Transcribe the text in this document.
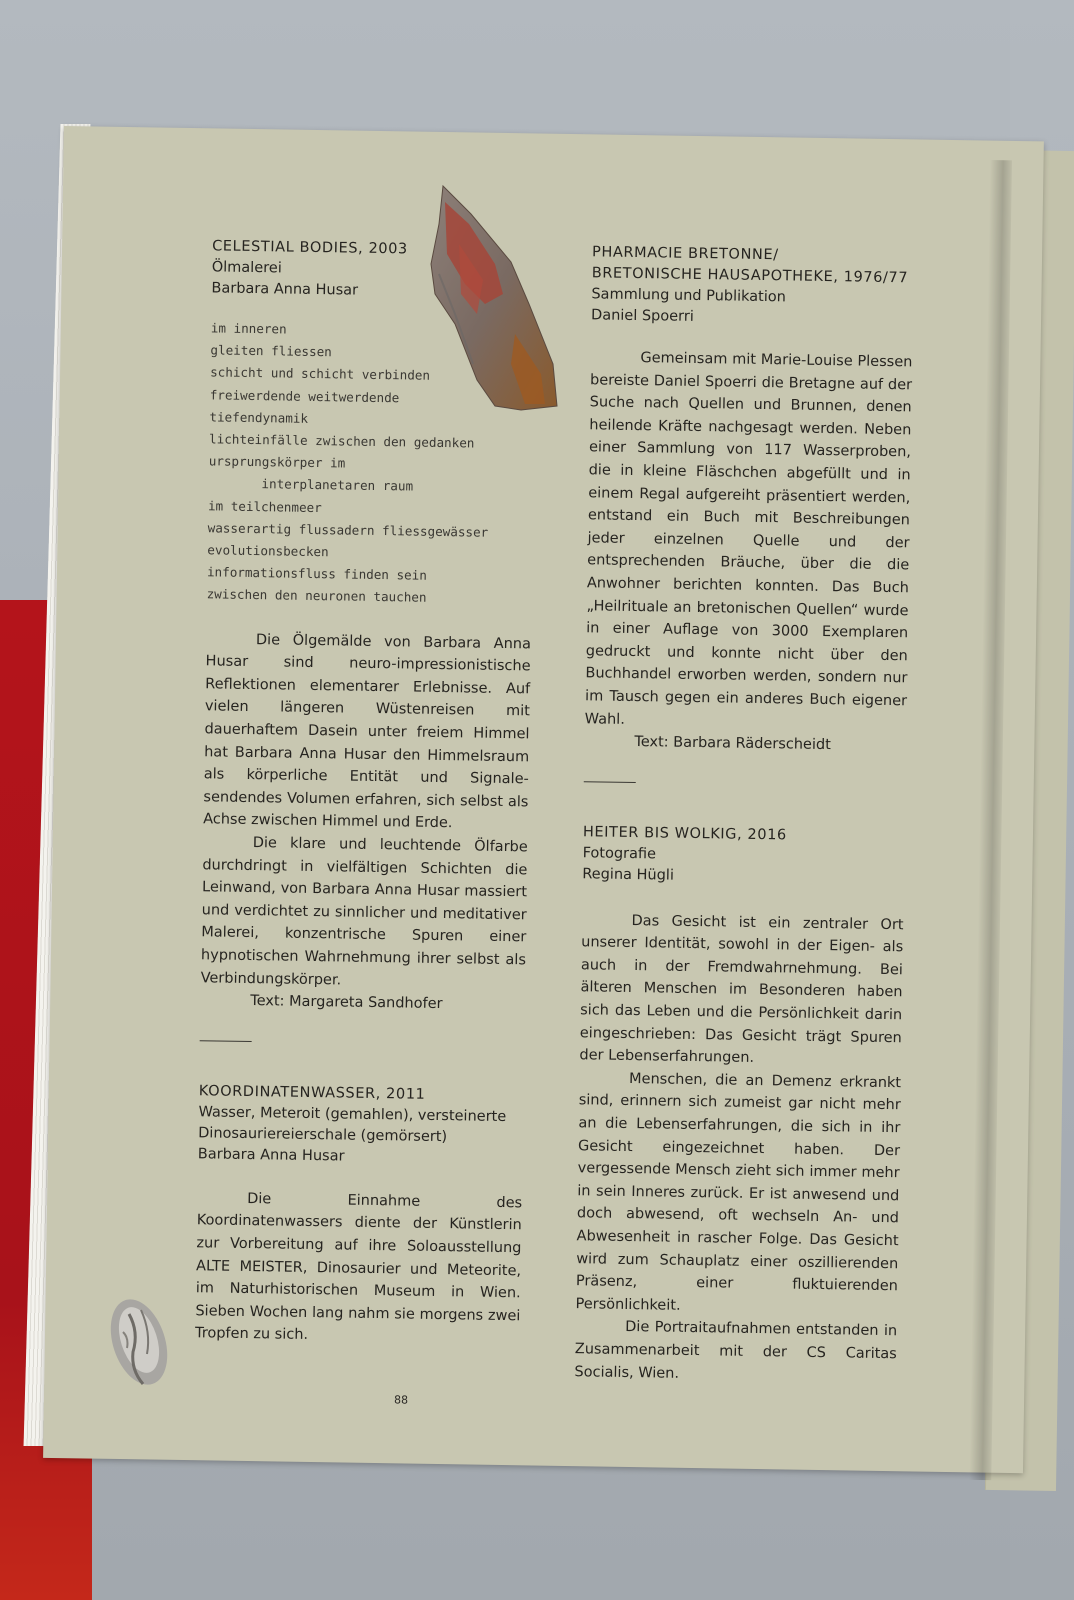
CELESTIAL BODIES, 2003
Ölmalerei
Barbara Anna Husar
im inneren
gleiten fliessen
schicht und schicht verbinden
freiwerdende weitwerdende
tiefendynamik
lichteinfälle zwischen den gedanken
ursprungskörper im
interplanetaren raum
im teilchenmeer
wasserartig flussadern fliessgewässer
evolutionsbecken
informationsfluss finden sein
zwischen den neuronen tauchen

Die Ölgemälde von Barbara Anna Husar sind neuro-impressionistische Reflektionen elementarer Erlebnisse. Auf vielen längeren Wüstenreisen mit dauerhaftem Dasein unter freiem Himmel hat Barbara Anna Husar den Himmelsraum als körperliche Entität und Signale-sendendes Volumen erfahren, sich selbst als Achse zwischen Himmel und Erde.

Die klare und leuchtende Ölfarbe durchdringt in vielfältigen Schichten die Leinwand, von Barbara Anna Husar massiert und verdichtet zu sinnlicher und meditativer Malerei, konzentrische Spuren einer hypnotischen Wahrnehmung ihrer selbst als Verbindungskörper.

Text: Margareta Sandhofer
KOORDINATENWASSER, 2011
Wasser, Meteroit (gemahlen), versteinerte
Dinosauriereierschale (gemörsert)
Barbara Anna Husar

Die Einnahme des Koordinatenwassers diente der Künstlerin zur Vorbereitung auf ihre Soloausstellung ALTE MEISTER, Dinosaurier und Meteorite, im Naturhistorischen Museum in Wien. Sieben Wochen lang nahm sie morgens zwei Tropfen zu sich.

PHARMACIE BRETONNE/
BRETONISCHE HAUSAPOTHEKE, 1976/77
Sammlung und Publikation
Daniel Spoerri

Gemeinsam mit Marie-Louise Plessen bereiste Daniel Spoerri die Bretagne auf der Suche nach Quellen und Brunnen, denen heilende Kräfte nachgesagt werden. Neben einer Sammlung von 117 Wasserproben, die in kleine Fläschchen abgefüllt und in einem Regal aufgereiht präsentiert werden, entstand ein Buch mit Beschreibungen jeder einzelnen Quelle und der entsprechenden Bräuche, über die die Anwohner berichten konnten. Das Buch „Heilrituale an bretonischen Quellen“ wurde in einer Auflage von 3000 Exemplaren gedruckt und konnte nicht über den Buchhandel erworben werden, sondern nur im Tausch gegen ein anderes Buch eigener Wahl.

Text: Barbara Räderscheidt
HEITER BIS WOLKIG, 2016
Fotografie
Regina Hügli

Das Gesicht ist ein zentraler Ort unserer Identität, sowohl in der Eigen- als auch in der Fremdwahrnehmung. Bei älteren Menschen im Besonderen haben sich das Leben und die Persönlichkeit darin eingeschrieben: Das Gesicht trägt Spuren der Lebenserfahrungen.

Menschen, die an Demenz erkrankt sind, erinnern sich zumeist gar nicht mehr an die Lebenserfahrungen, die sich in ihr Gesicht eingezeichnet haben. Der vergessende Mensch zieht sich immer mehr in sein Inneres zurück. Er ist anwesend und doch abwesend, oft wechseln An- und Abwesenheit in rascher Folge. Das Gesicht wird zum Schauplatz einer oszillierenden Präsenz, einer fluktuierenden Persönlichkeit.

Die Portraitaufnahmen entstanden in Zusammenarbeit mit der CS Caritas Socialis, Wien.

88
